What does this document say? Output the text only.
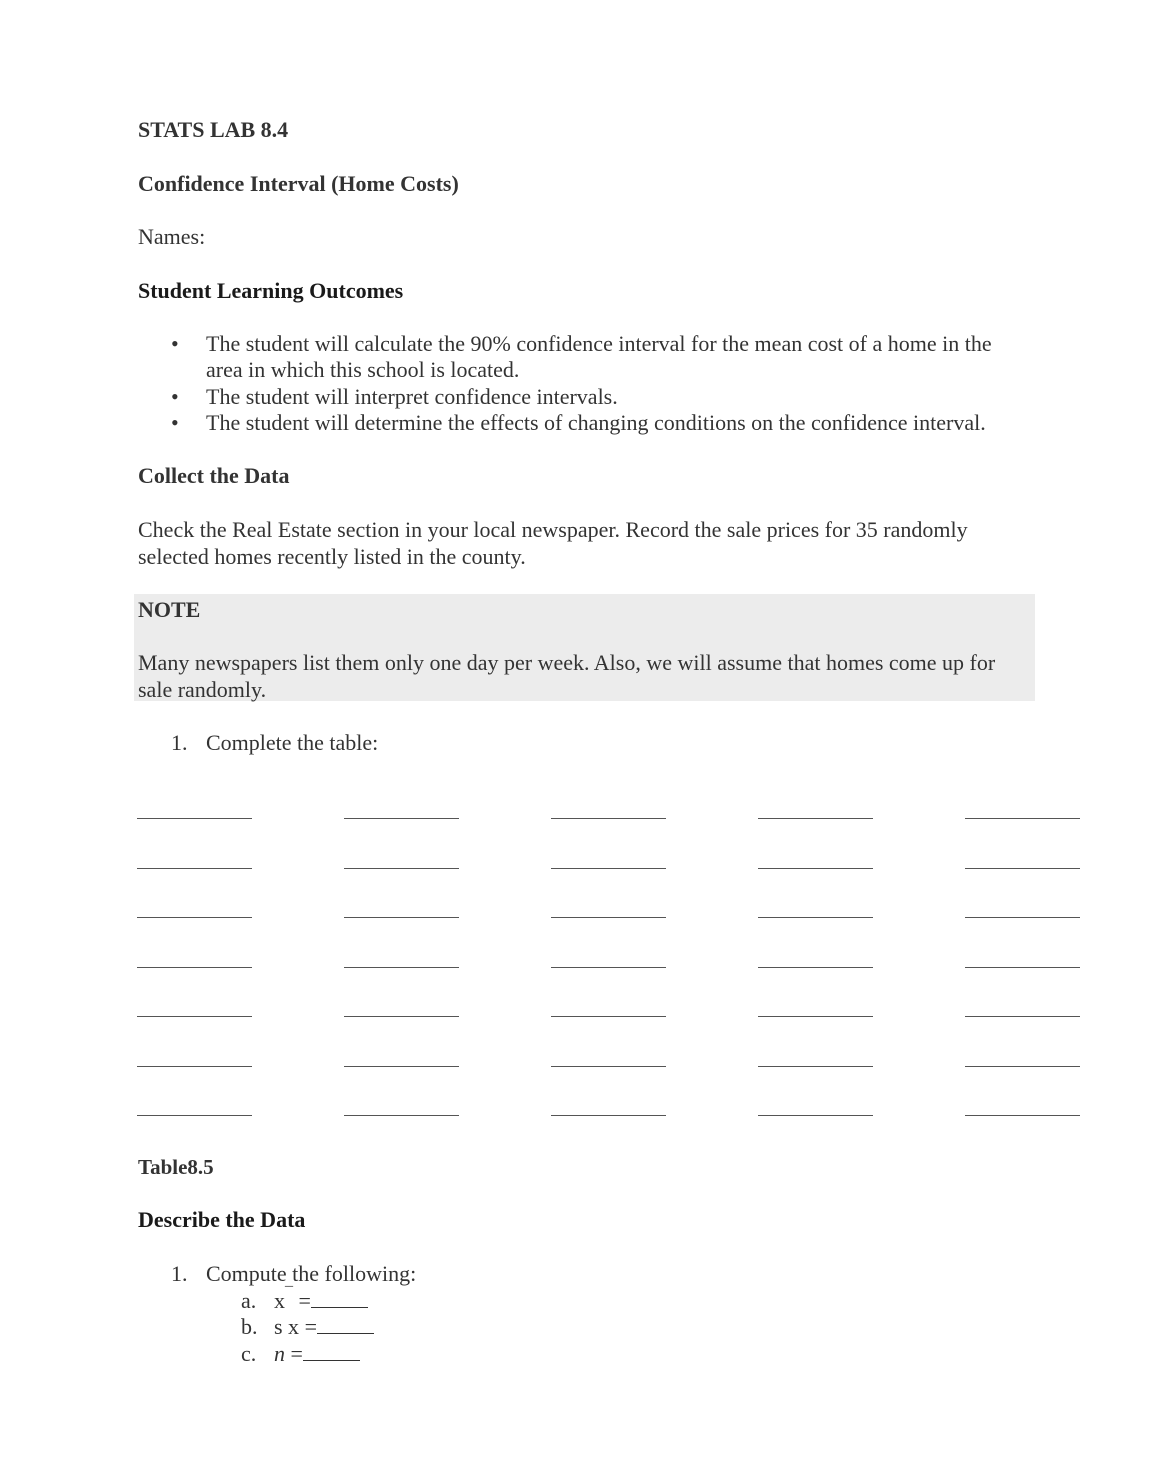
STATS LAB 8.4
Confidence Interval (Home Costs)
Names:
Student Learning Outcomes
• The student will calculate the 90% confidence interval for the mean cost of a home in the
area in which this school is located.
• The student will interpret confidence intervals.
• The student will determine the effects of changing conditions on the confidence interval.
Collect the Data
Check the Real Estate section in your local newspaper. Record the sale prices for 35 randomly selected homes recently listed in the county.
NOTE
Many newspapers list them only one day per week. Also, we will assume that homes come up for sale randomly.
1. Complete the table:
Table8.5
Describe the Data
1. Compute the following:
a. x¯ =
b. s x =
c. n =
